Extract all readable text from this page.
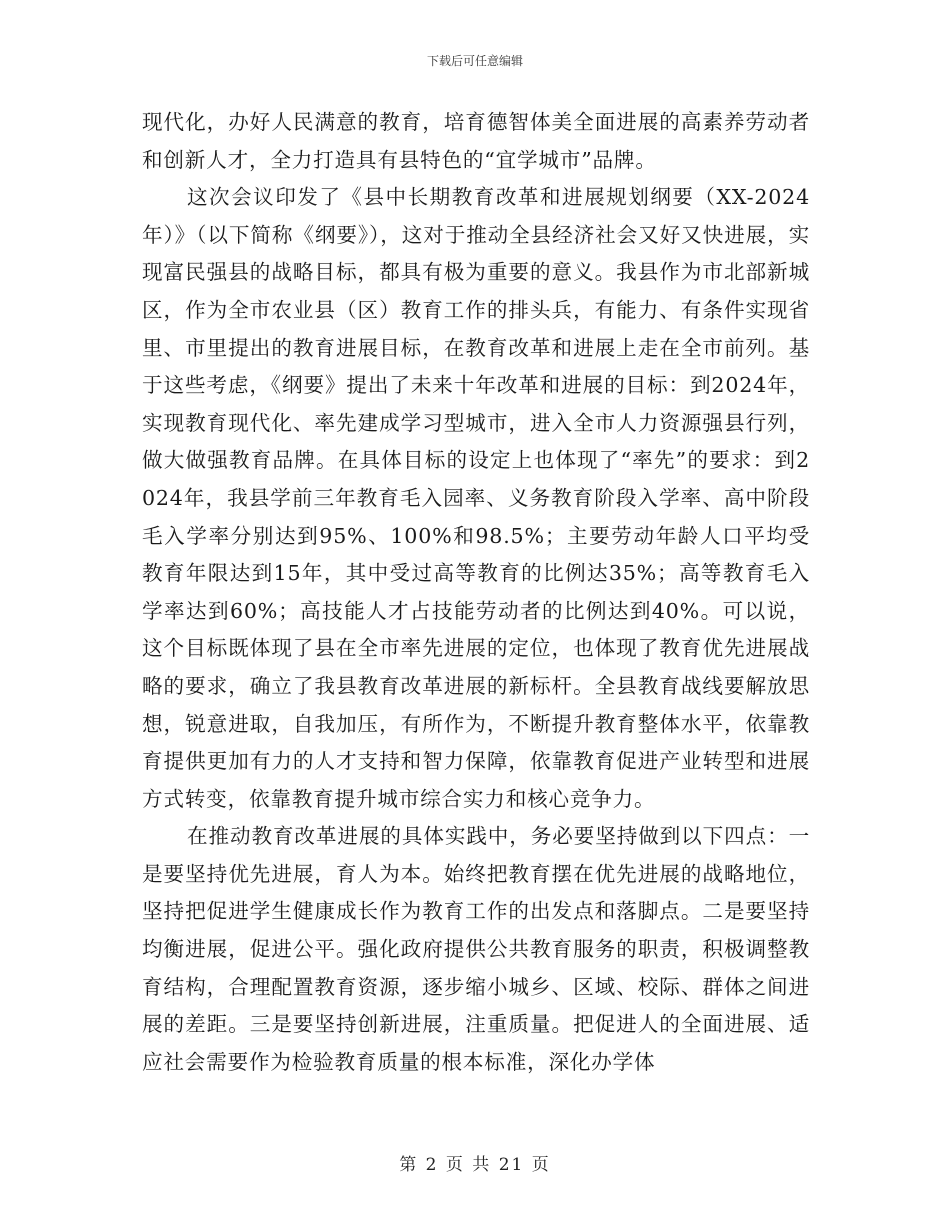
下载后可任意编辑

现代化，办好人民满意的教育，培育德智体美全面进展的高素养劳动者和创新人才，全力打造具有县特色的“宜学城市”品牌。

这次会议印发了《县中长期教育改革和进展规划纲要（XX-2024年）》（以下简称《纲要》），这对于推动全县经济社会又好又快进展，实现富民强县的战略目标，都具有极为重要的意义。我县作为市北部新城区，作为全市农业县（区）教育工作的排头兵，有能力、有条件实现省里、市里提出的教育进展目标，在教育改革和进展上走在全市前列。基于这些考虑，《纲要》提出了未来十年改革和进展的目标：到2024年，实现教育现代化、率先建成学习型城市，进入全市人力资源强县行列，做大做强教育品牌。在具体目标的设定上也体现了“率先”的要求：到2024年，我县学前三年教育毛入园率、义务教育阶段入学率、高中阶段毛入学率分别达到95%、100%和98.5%；主要劳动年龄人口平均受教育年限达到15年，其中受过高等教育的比例达35%；高等教育毛入学率达到60%；高技能人才占技能劳动者的比例达到40%。可以说，这个目标既体现了县在全市率先进展的定位，也体现了教育优先进展战略的要求，确立了我县教育改革进展的新标杆。全县教育战线要解放思想，锐意进取，自我加压，有所作为，不断提升教育整体水平，依靠教育提供更加有力的人才支持和智力保障，依靠教育促进产业转型和进展方式转变，依靠教育提升城市综合实力和核心竞争力。

在推动教育改革进展的具体实践中，务必要坚持做到以下四点：一是要坚持优先进展，育人为本。始终把教育摆在优先进展的战略地位，坚持把促进学生健康成长作为教育工作的出发点和落脚点。二是要坚持均衡进展，促进公平。强化政府提供公共教育服务的职责，积极调整教育结构，合理配置教育资源，逐步缩小城乡、区域、校际、群体之间进展的差距。三是要坚持创新进展，注重质量。把促进人的全面进展、适应社会需要作为检验教育质量的根本标准，深化办学体

第 2 页 共 21 页
